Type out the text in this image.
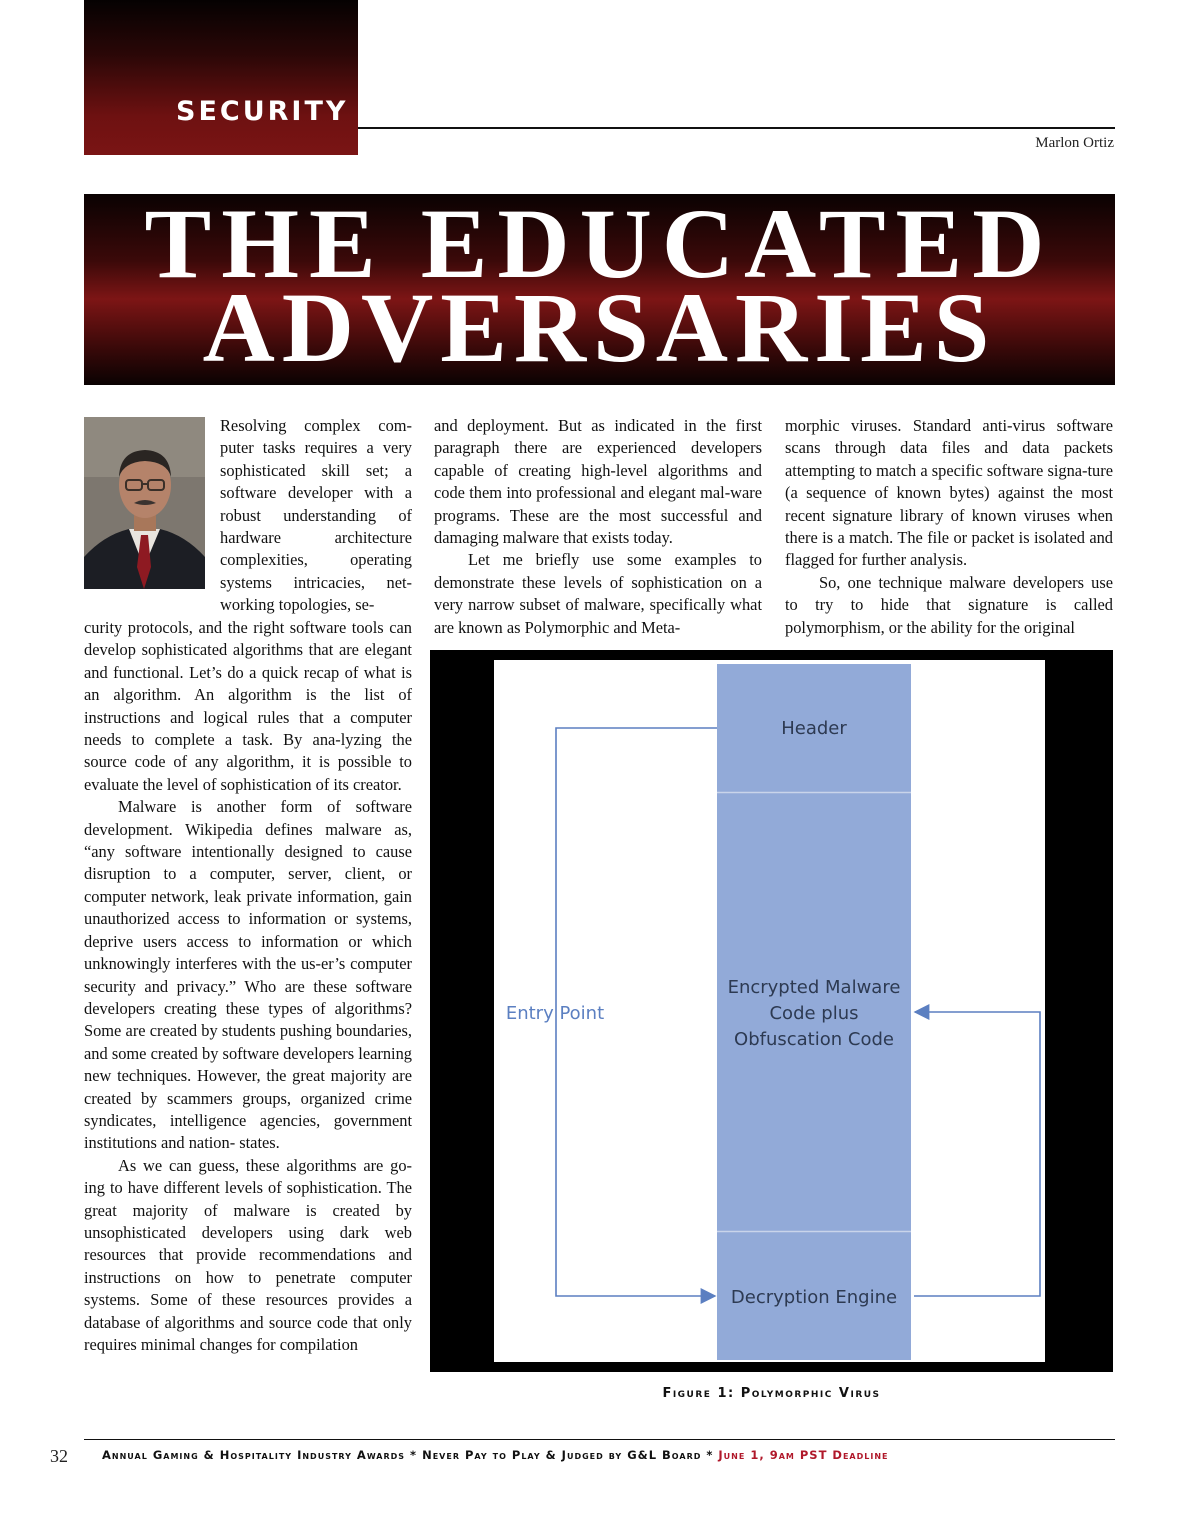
SECURITY
Marlon Ortiz
THE EDUCATED
ADVERSARIES

Resolving complex com-puter tasks requires a very sophisticated skill set; a software developer with a robust understanding of hardware architecture complexities, operating systems intricacies, net-working topologies, se-

curity protocols, and the right software tools can develop sophisticated algorithms that are elegant and functional. Let’s do a quick recap of what is an algorithm. An algorithm is the list of instructions and logical rules that a computer needs to complete a task. By ana-lyzing the source code of any algorithm, it is possible to evaluate the level of sophistication of its creator.

Malware is another form of software development. Wikipedia defines malware as, “any software intentionally designed to cause disruption to a computer, server, client, or computer network, leak private information, gain unauthorized access to information or systems, deprive users access to information or which unknowingly interferes with the us-er’s computer security and privacy.” Who are these software developers creating these types of algorithms? Some are created by students pushing boundaries, and some created by software developers learning new techniques. However, the great majority are created by scammers groups, organized crime syndicates, intelligence agencies, government institutions and nation- states.

As we can guess, these algorithms are go-ing to have different levels of sophistication. The great majority of malware is created by unsophisticated developers using dark web resources that provide recommendations and instructions on how to penetrate computer systems. Some of these resources provides a database of algorithms and source code that only requires minimal changes for compilation

and deployment. But as indicated in the first paragraph there are experienced developers capable of creating high-level algorithms and code them into professional and elegant mal-ware programs. These are the most successful and damaging malware that exists today.

Let me briefly use some examples to demonstrate these levels of sophistication on a very narrow subset of malware, specifically what are known as Polymorphic and Meta-

morphic viruses. Standard anti-virus software scans through data files and data packets attempting to match a specific software signa-ture (a sequence of known bytes) against the most recent signature library of known viruses when there is a match. The file or packet is isolated and flagged for further analysis.

So, one technique malware developers use to try to hide that signature is called polymorphism, or the ability for the original

Header
Encrypted Malware
Code plus
Obfuscation Code
Decryption Engine
Entry Point
Figure 1: Polymorphic Virus
32	Annual Gaming & Hospitality Industry Awards * Never Pay to Play & Judged by G&L Board * June 1, 9am PST Deadline
